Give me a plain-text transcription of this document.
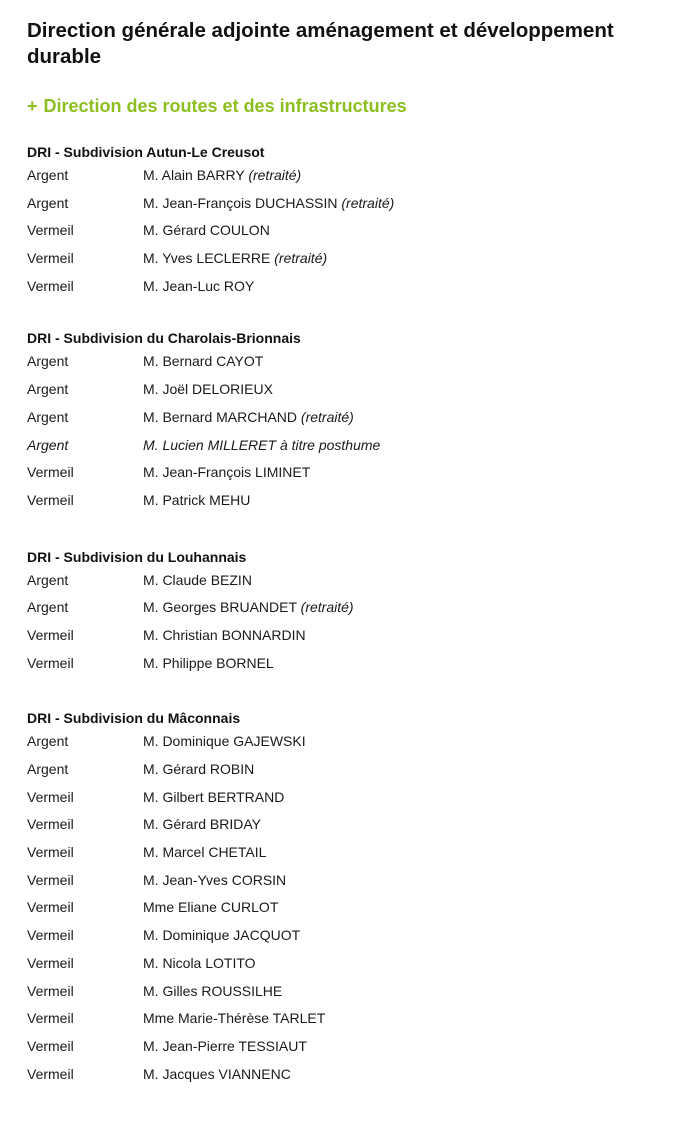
Direction générale adjointe aménagement et développement durable
+ Direction des routes et des infrastructures
DRI - Subdivision Autun-Le Creusot
Argent	M. Alain BARRY (retraité)
Argent	M. Jean-François DUCHASSIN (retraité)
Vermeil	M. Gérard COULON
Vermeil	M. Yves LECLERRE (retraité)
Vermeil	M. Jean-Luc ROY
DRI - Subdivision du Charolais-Brionnais
Argent	M. Bernard CAYOT
Argent	M. Joël DELORIEUX
Argent	M. Bernard MARCHAND (retraité)
Argent	M. Lucien MILLERET à titre posthume
Vermeil	M. Jean-François LIMINET
Vermeil	M. Patrick MEHU
DRI - Subdivision du Louhannais
Argent	M. Claude BEZIN
Argent	M. Georges BRUANDET (retraité)
Vermeil	M. Christian BONNARDIN
Vermeil	M. Philippe BORNEL
DRI - Subdivision du Mâconnais
Argent	M. Dominique GAJEWSKI
Argent	M. Gérard ROBIN
Vermeil	M. Gilbert BERTRAND
Vermeil	M. Gérard BRIDAY
Vermeil	M. Marcel CHETAIL
Vermeil	M. Jean-Yves CORSIN
Vermeil	Mme Eliane CURLOT
Vermeil	M. Dominique JACQUOT
Vermeil	M. Nicola LOTITO
Vermeil	M. Gilles ROUSSILHE
Vermeil	Mme Marie-Thérèse TARLET
Vermeil	M. Jean-Pierre TESSIAUT
Vermeil	M. Jacques VIANNENC
